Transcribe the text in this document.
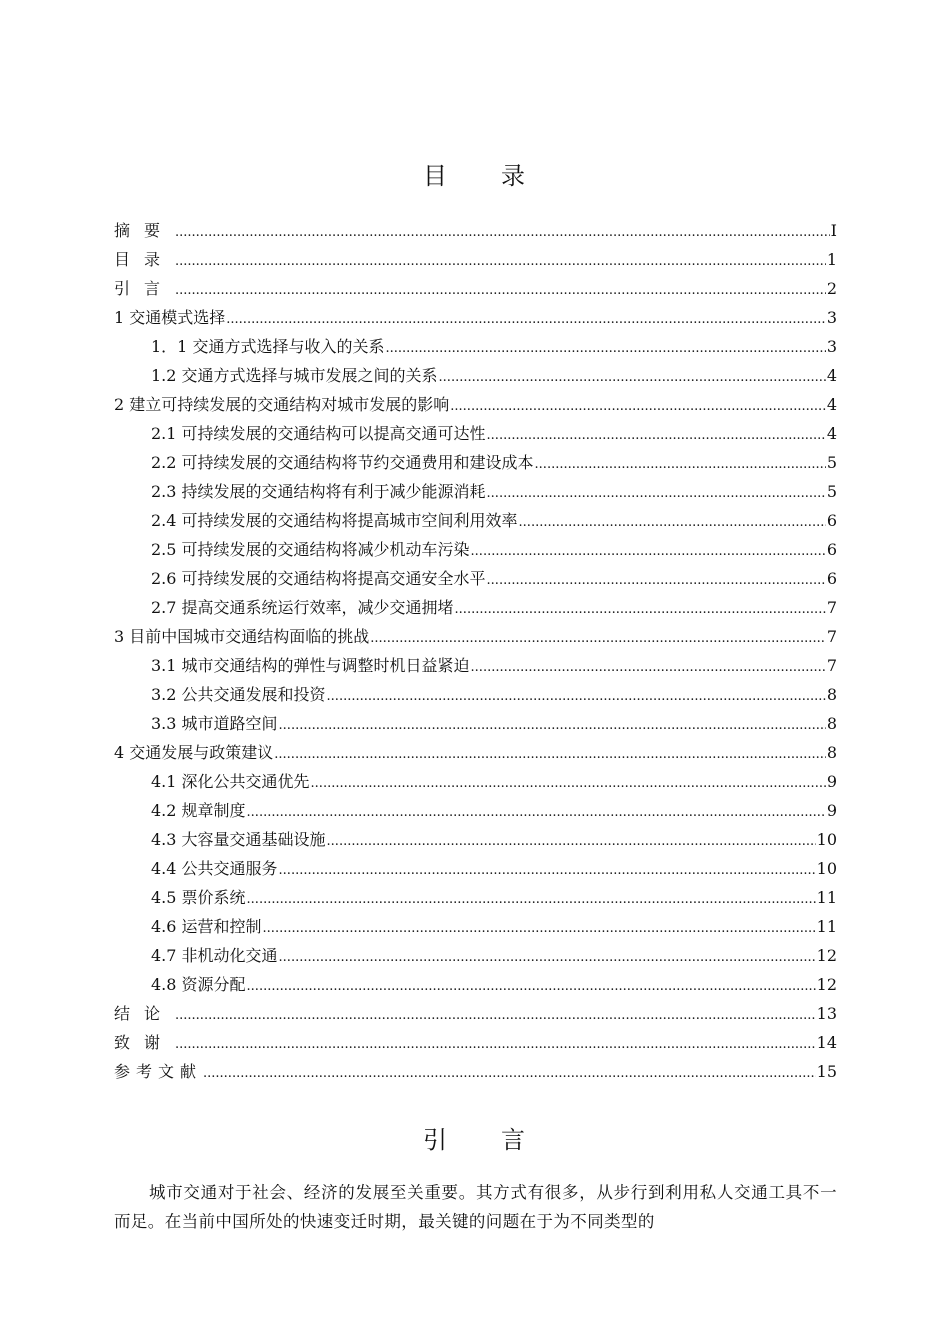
目　　录
摘要 .....	I
目录 .....	1
引言 .....	2
1 交通模式选择 .....	3
1．1 交通方式选择与收入的关系 .....	3
1.2 交通方式选择与城市发展之间的关系 .....	4
2 建立可持续发展的交通结构对城市发展的影响 .....	4
2.1 可持续发展的交通结构可以提高交通可达性 .....	4
2.2 可持续发展的交通结构将节约交通费用和建设成本 .....	5
2.3 持续发展的交通结构将有利于减少能源消耗 .....	5
2.4 可持续发展的交通结构将提高城市空间利用效率 .....	6
2.5 可持续发展的交通结构将减少机动车污染 .....	6
2.6 可持续发展的交通结构将提高交通安全水平 .....	6
2.7 提高交通系统运行效率，减少交通拥堵 .....	7
3 目前中国城市交通结构面临的挑战 .....	7
3.1 城市交通结构的弹性与调整时机日益紧迫 .....	7
3.2 公共交通发展和投资 .....	8
3.3 城市道路空间 .....	8
4 交通发展与政策建议 .....	8
4.1 深化公共交通优先 .....	9
4.2 规章制度 .....	9
4.3 大容量交通基础设施 .....	10
4.4 公共交通服务 .....	10
4.5 票价系统 .....	11
4.6 运营和控制 .....	11
4.7 非机动化交通 .....	12
4.8 资源分配 .....	12
结论 .....	13
致谢 .....	14
参考文献 .....	15
引　　言
城市交通对于社会、经济的发展至关重要。其方式有很多，从步行到利用私人交通工具不一而足。在当前中国所处的快速变迁时期，最关键的问题在于为不同类型的
